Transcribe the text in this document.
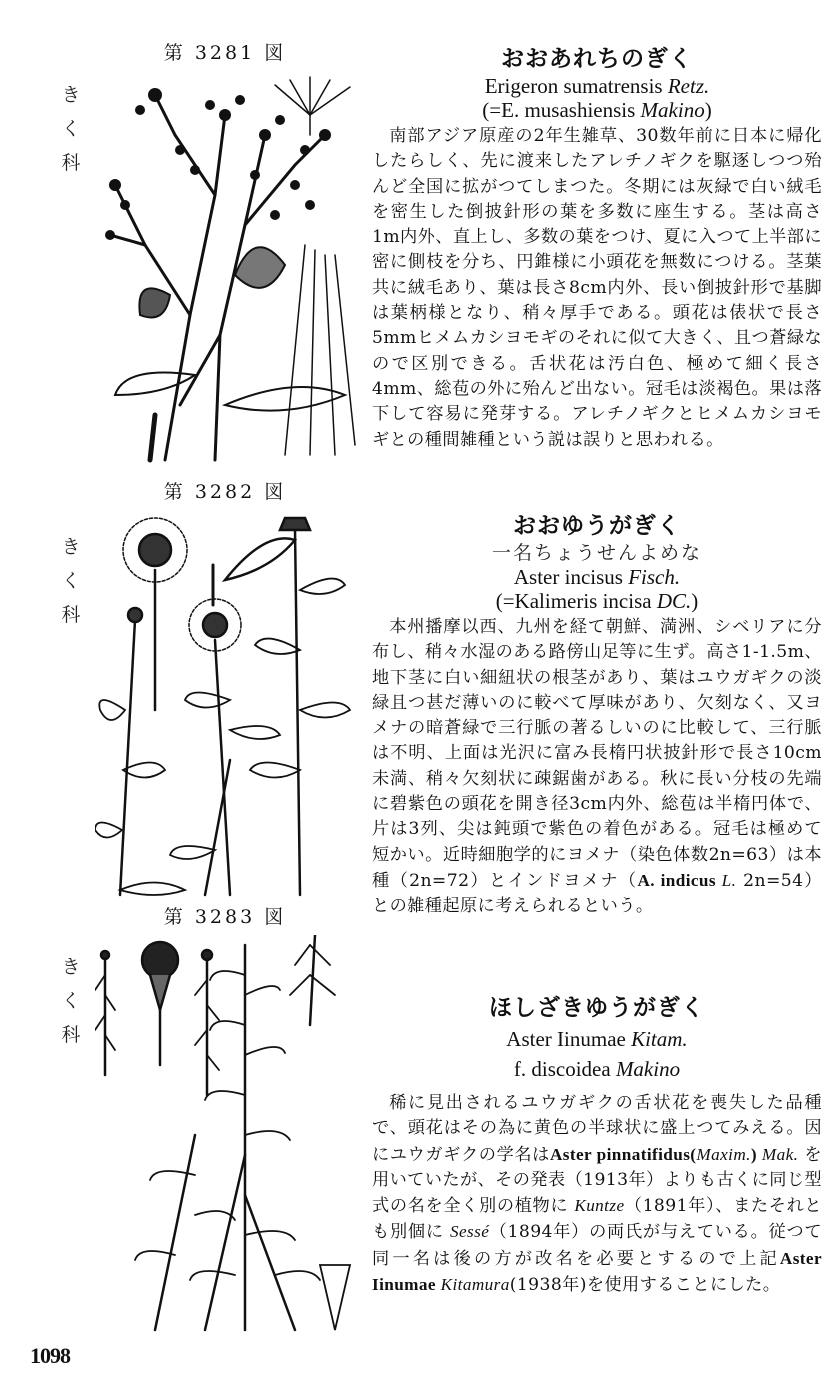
第 3281 図
第 3282 図
第 3283 図
き
く
科
き
く
科
き
く
科
おおあれちのぎく
Erigeron sumatrensis Retz.
(=E. musashiensis Makino)
南部アジア原産の2年生雑草、30数年前に日本に帰化したらしく、先に渡来したアレチノギクを駆逐しつつ殆んど全国に拡がつてしまつた。冬期には灰緑で白い絨毛を密生した倒披針形の葉を多数に座生する。茎は高さ1m内外、直上し、多数の葉をつけ、夏に入つて上半部に密に側枝を分ち、円錐様に小頭花を無数につける。茎葉共に絨毛あり、葉は長さ8cm内外、長い倒披針形で基脚は葉柄様となり、稍々厚手である。頭花は俵状で長さ5mmヒメムカシヨモギのそれに似て大きく、且つ蒼緑なので区別できる。舌状花は汚白色、極めて細く長さ4mm、総苞の外に殆んど出ない。冠毛は淡褐色。果は落下して容易に発芽する。アレチノギクとヒメムカシヨモギとの種間雑種という説は誤りと思われる。
おおゆうがぎく
一名ちょうせんよめな
Aster incisus Fisch.
(=Kalimeris incisa DC.)
本州播摩以西、九州を経て朝鮮、満洲、シベリアに分布し、稍々水湿のある路傍山足等に生ず。高さ1-1.5m、地下茎に白い細紐状の根茎があり、葉はユウガギクの淡緑且つ甚だ薄いのに較べて厚味があり、欠刻なく、又ヨメナの暗蒼緑で三行脈の著るしいのに比較して、三行脈は不明、上面は光沢に富み長楕円状披針形で長さ10cm未満、稍々欠刻状に疎鋸歯がある。秋に長い分枝の先端に碧紫色の頭花を開き径3cm内外、総苞は半楕円体で、片は3列、尖は鈍頭で紫色の着色がある。冠毛は極めて短かい。近時細胞学的にヨメナ（染色体数2n=63）は本種（2n=72）とインドヨメナ（A. indicus L. 2n=54）との雑種起原に考えられるという。
ほしざきゆうがぎく
Aster Iinumae Kitam.
f. discoidea Makino
稀に見出されるユウガギクの舌状花を喪失した品種で、頭花はその為に黄色の半球状に盛上つてみえる。因にユウガギクの学名はAster pinnatifidus(Maxim.) Mak. を用いていたが、その発表（1913年）よりも古くに同じ型式の名を全く別の植物に Kuntze（1891年）、またそれとも別個に Sessé（1894年）の両氏が与えている。従つて同一名は後の方が改名を必要とするので上記Aster Iinumae Kitamura(1938年)を使用することにした。
1098
